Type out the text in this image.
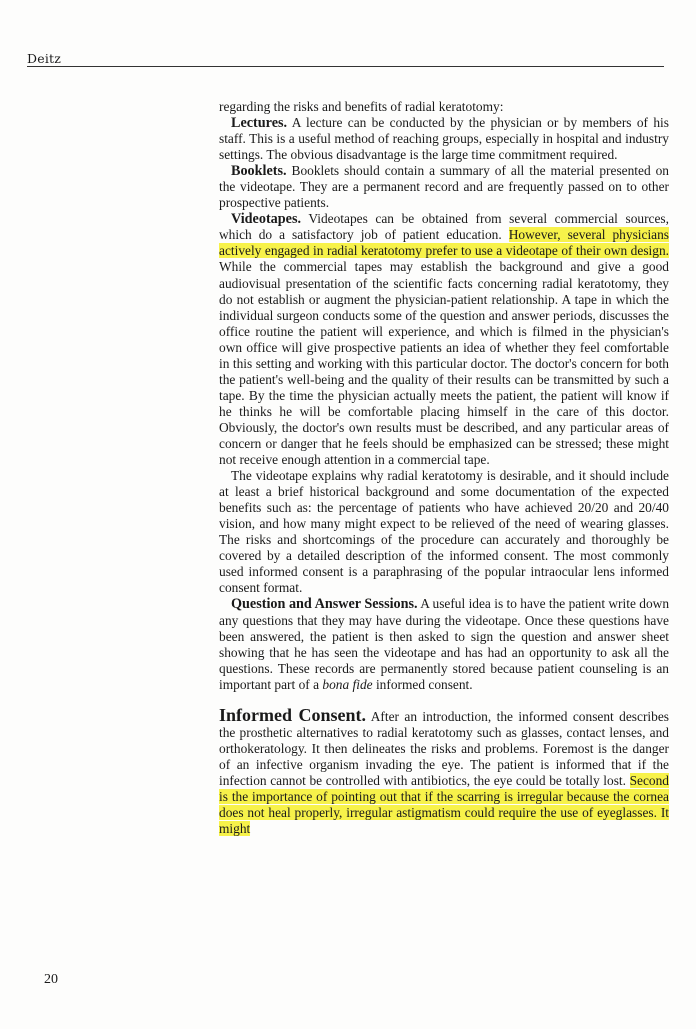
Deitz

regarding the risks and benefits of radial keratotomy:

Lectures. A lecture can be conducted by the physician or by members of his staff. This is a useful method of reaching groups, especially in hospital and industry settings. The obvious disadvantage is the large time commitment required.

Booklets. Booklets should contain a summary of all the material presented on the videotape. They are a permanent record and are frequently passed on to other prospective patients.

Videotapes. Videotapes can be obtained from several commercial sources, which do a satisfactory job of patient education. However, several physicians actively engaged in radial keratotomy prefer to use a videotape of their own design. While the commercial tapes may establish the background and give a good audiovisual presentation of the scientific facts concerning radial keratotomy, they do not establish or augment the physician-patient relationship. A tape in which the individual surgeon conducts some of the question and answer periods, discusses the office routine the patient will experience, and which is filmed in the physician's own office will give prospective patients an idea of whether they feel comfortable in this setting and working with this particular doctor. The doctor's concern for both the patient's well-being and the quality of their results can be transmitted by such a tape. By the time the physician actually meets the patient, the patient will know if he thinks he will be comfortable placing himself in the care of this doctor. Obviously, the doctor's own results must be described, and any particular areas of concern or danger that he feels should be emphasized can be stressed; these might not receive enough attention in a commercial tape.

The videotape explains why radial keratotomy is desirable, and it should include at least a brief historical background and some documentation of the expected benefits such as: the percentage of patients who have achieved 20/20 and 20/40 vision, and how many might expect to be relieved of the need of wearing glasses. The risks and shortcomings of the procedure can accurately and thoroughly be covered by a detailed description of the informed consent. The most commonly used informed consent is a paraphrasing of the popular intraocular lens informed consent format.

Question and Answer Sessions. A useful idea is to have the patient write down any questions that they may have during the videotape. Once these questions have been answered, the patient is then asked to sign the question and answer sheet showing that he has seen the videotape and has had an opportunity to ask all the questions. These records are permanently stored because patient counseling is an important part of a bona fide informed consent.

Informed Consent. After an introduction, the informed consent describes the prosthetic alternatives to radial keratotomy such as glasses, contact lenses, and orthokeratology. It then delineates the risks and problems. Foremost is the danger of an infective organism invading the eye. The patient is informed that if the infection cannot be controlled with antibiotics, the eye could be totally lost. Second is the importance of pointing out that if the scarring is irregular because the cornea does not heal properly, irregular astigmatism could require the use of eyeglasses. It might

20
